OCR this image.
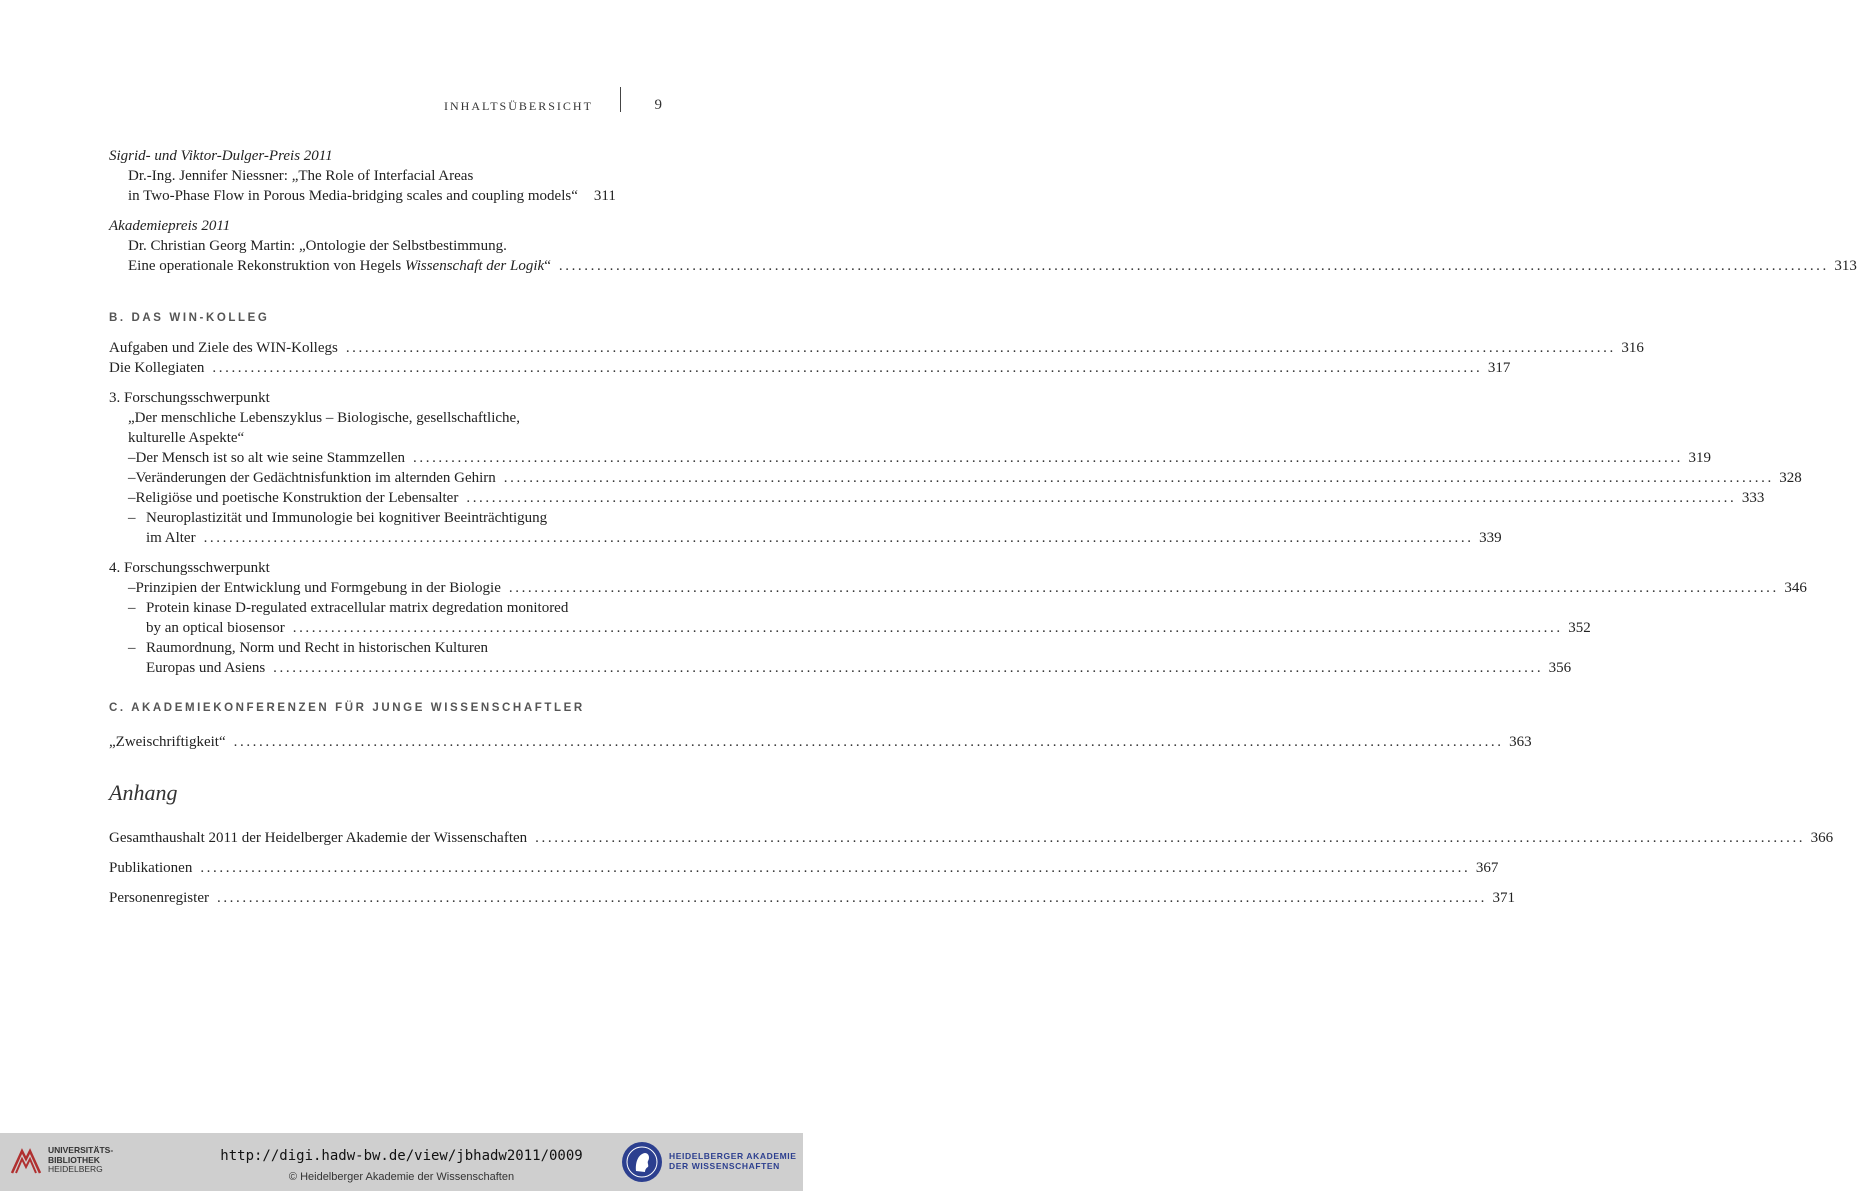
INHALTSÜBERSICHT	9
Sigrid- und Viktor-Dulger-Preis 2011
Dr.-Ing. Jennifer Niessner: „The Role of Interfacial Areas
in Two-Phase Flow in Porous Media-bridging scales and coupling models“ 311
Akademiepreis 2011
Dr. Christian Georg Martin: „Ontologie der Selbstbestimmung.
Eine operationale Rekonstruktion von Hegels Wissenschaft der Logik“ ........................................................................................................................................................................................................ 313
B. DAS WIN-KOLLEG
Aufgaben und Ziele des WIN-Kollegs ........................................................................................................................................................................................................ 316
Die Kollegiaten ........................................................................................................................................................................................................ 317
3. Forschungsschwerpunkt
„Der menschliche Lebenszyklus – Biologische, gesellschaftliche,
kulturelle Aspekte“
– Der Mensch ist so alt wie seine Stammzellen ........................................................................................................................................................................................................ 319
– Veränderungen der Gedächtnisfunktion im alternden Gehirn ........................................................................................................................................................................................................ 328
– Religiöse und poetische Konstruktion der Lebensalter ........................................................................................................................................................................................................ 333
– Neuroplastizität und Immunologie bei kognitiver Beeinträchtigung
im Alter ........................................................................................................................................................................................................ 339
4. Forschungsschwerpunkt
– Prinzipien der Entwicklung und Formgebung in der Biologie ........................................................................................................................................................................................................ 346
– Protein kinase D-regulated extracellular matrix degredation monitored
by an optical biosensor ........................................................................................................................................................................................................ 352
– Raumordnung, Norm und Recht in historischen Kulturen
Europas und Asiens ........................................................................................................................................................................................................ 356
C. AKADEMIEKONFERENZEN FÜR JUNGE WISSENSCHAFTLER
„Zweischriftigkeit“ ........................................................................................................................................................................................................ 363
Anhang
Gesamthaushalt 2011 der Heidelberger Akademie der Wissenschaften ........................................................................................................................................................................................................ 366
Publikationen ........................................................................................................................................................................................................ 367
Personenregister ........................................................................................................................................................................................................ 371
UNIVERSITÄTS-
BIBLIOTHEK
HEIDELBERG
http://digi.hadw-bw.de/view/jbhadw2011/0009
© Heidelberger Akademie der Wissenschaften
HEIDELBERGER AKADEMIE
DER WISSENSCHAFTEN
